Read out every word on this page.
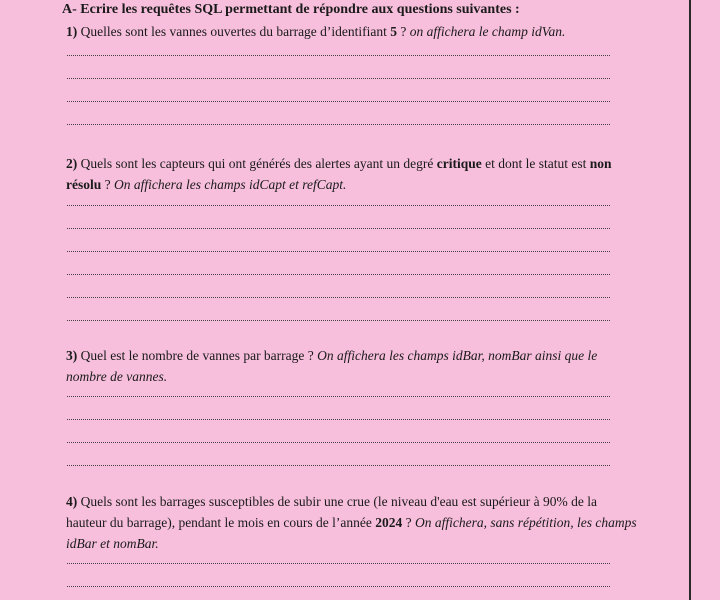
A- Ecrire les requêtes SQL permettant de répondre aux questions suivantes :
1) Quelles sont les vannes ouvertes du barrage d’identifiant 5 ? on affichera le champ idVan.
2) Quels sont les capteurs qui ont générés des alertes ayant un degré critique et dont le statut est non résolu ? On affichera les champs idCapt et refCapt.
3) Quel est le nombre de vannes par barrage ? On affichera les champs idBar, nomBar ainsi que le nombre de vannes.
4) Quels sont les barrages susceptibles de subir une crue (le niveau d'eau est supérieur à 90% de la hauteur du barrage), pendant le mois en cours de l’année 2024 ? On affichera, sans répétition, les champs idBar et nomBar.
